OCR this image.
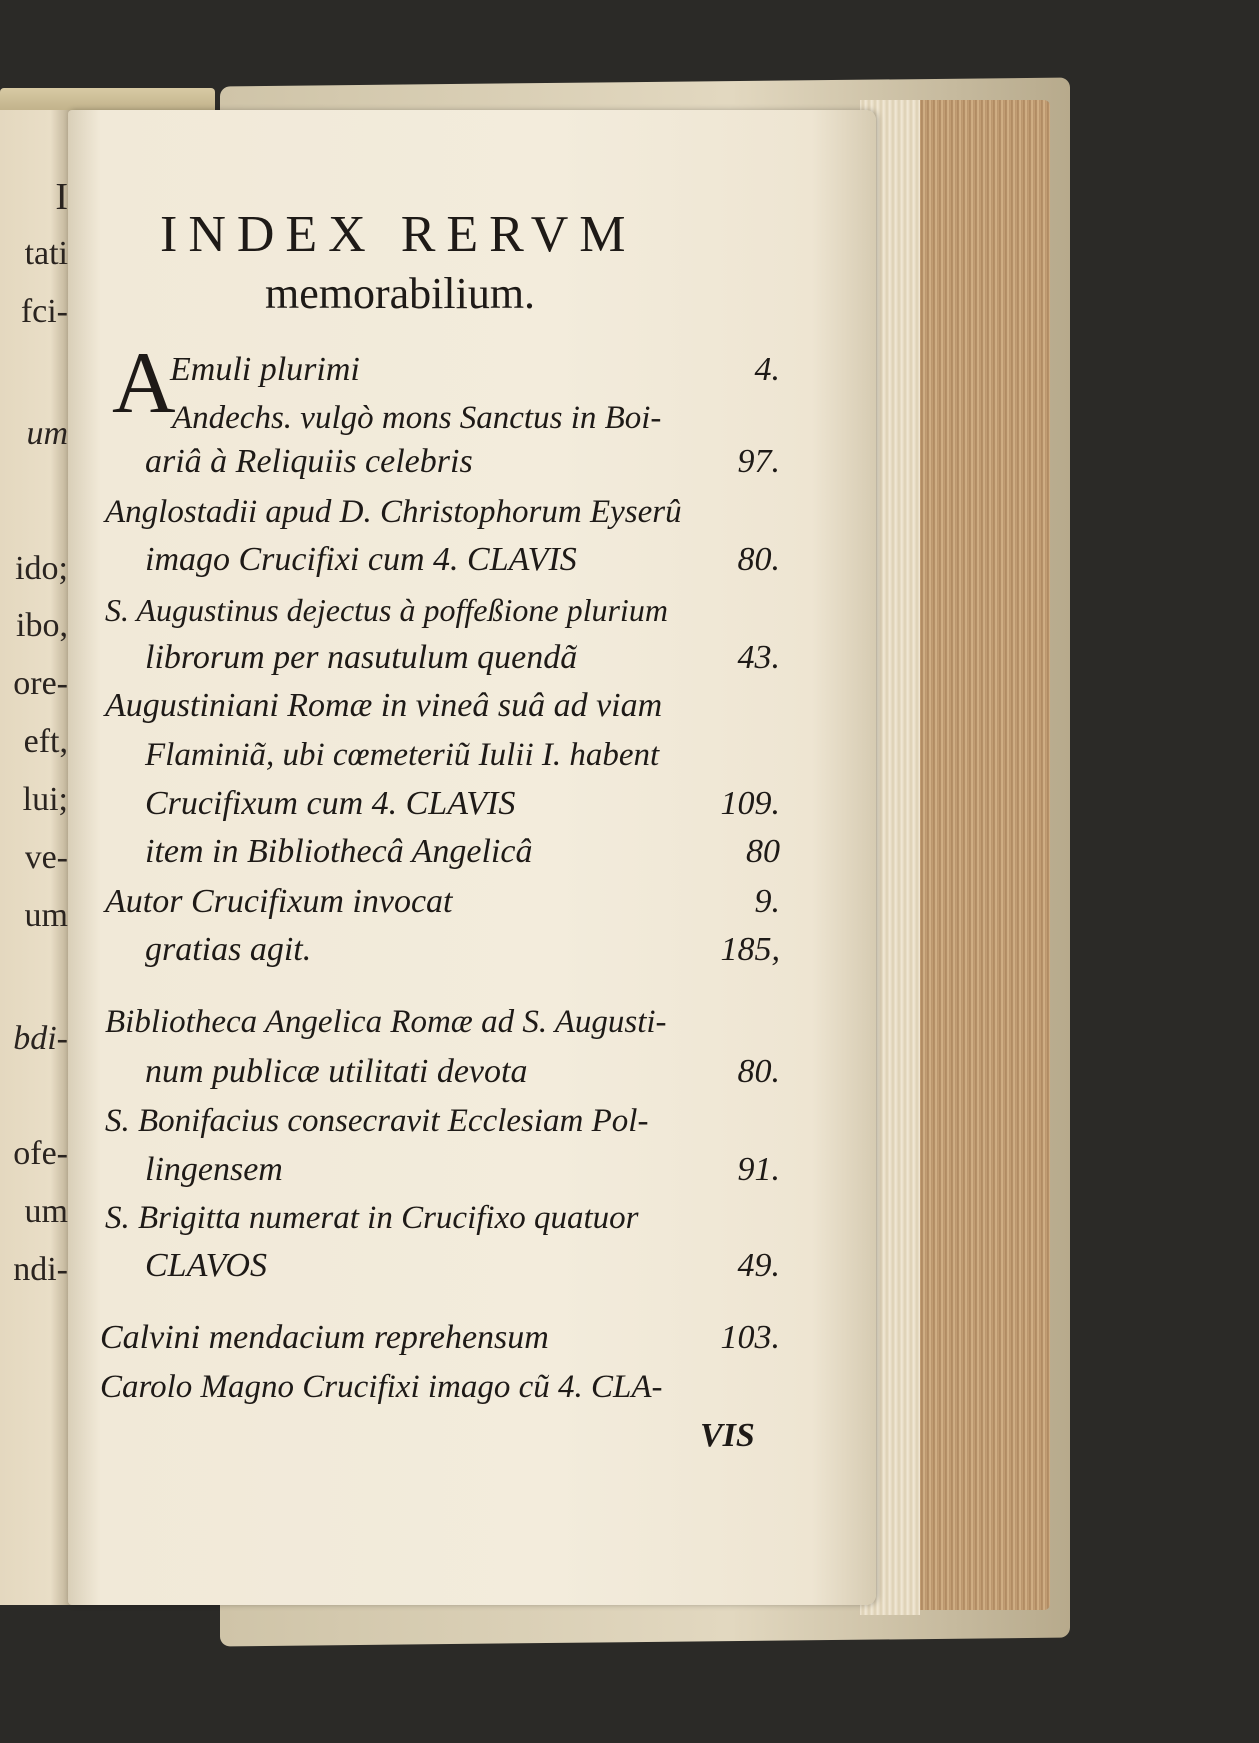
I
tati
fci-
um
ido;
ibo,
ore-
eft,
lui;
ve-
um
bdi-
ofe-
um
ndi-
INDEX RERVM
memorabilium.
A
Emuli plurimi
Andechs. vulgò mons Sanctus in Boi-
ariâ à Reliquiis celebris
Anglostadii apud D. Christophorum Eyserû
imago Crucifixi cum 4. CLAVIS
S. Augustinus dejectus à poffeßione plurium
librorum per nasutulum quendã
Augustiniani Romæ in vineâ suâ ad viam
Flaminiã, ubi cœmeteriũ Iulii I. habent
Crucifixum cum 4. CLAVIS
item in Bibliothecâ Angelicâ
Autor Crucifixum invocat
gratias agit.
Bibliotheca Angelica Romæ ad S. Augusti-
num publicæ utilitati devota
S. Bonifacius consecravit Ecclesiam Pol-
lingensem
S. Brigitta numerat in Crucifixo quatuor
CLAVOS
Calvini mendacium reprehensum
Carolo Magno Crucifixi imago cũ 4. CLA-
VIS
4.
97.
80.
43.
109.
80
9.
185,
80.
91.
49.
103.
